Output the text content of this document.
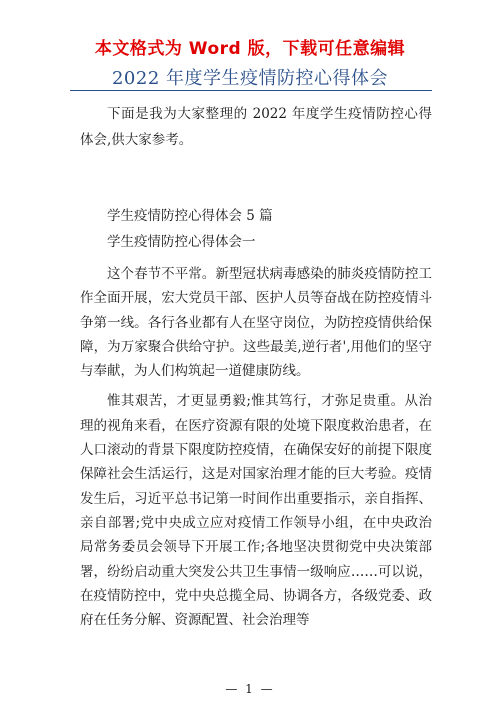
本文格式为 Word 版，下载可任意编辑
2022 年度学生疫情防控心得体会
下面是我为大家整理的 2022 年度学生疫情防控心得体会,供大家参考。
学生疫情防控心得体会 5 篇
学生疫情防控心得体会一

这个春节不平常。新型冠状病毒感染的肺炎疫情防控工作全面开展，宏大党员干部、医护人员等奋战在防控疫情斗争第一线。各行各业都有人在坚守岗位，为防控疫情供给保障，为万家聚合供给守护。这些最美,逆行者',用他们的坚守与奉献，为人们构筑起一道健康防线。

惟其艰苦，才更显勇毅;惟其笃行，才弥足贵重。从治理的视角来看，在医疗资源有限的处境下限度救治患者，在人口滚动的背景下限度防控疫情，在确保安好的前提下限度保障社会生活运行，这是对国家治理才能的巨大考验。疫情发生后，习近平总书记第一时间作出重要指示，亲自指挥、亲自部署;党中央成立应对疫情工作领导小组，在中央政治局常务委员会领导下开展工作;各地坚决贯彻党中央决策部署，纷纷启动重大突发公共卫生事情一级响应……可以说，在疫情防控中，党中央总揽全局、协调各方，各级党委、政府在任务分解、资源配置、社会治理等

— 1 —
